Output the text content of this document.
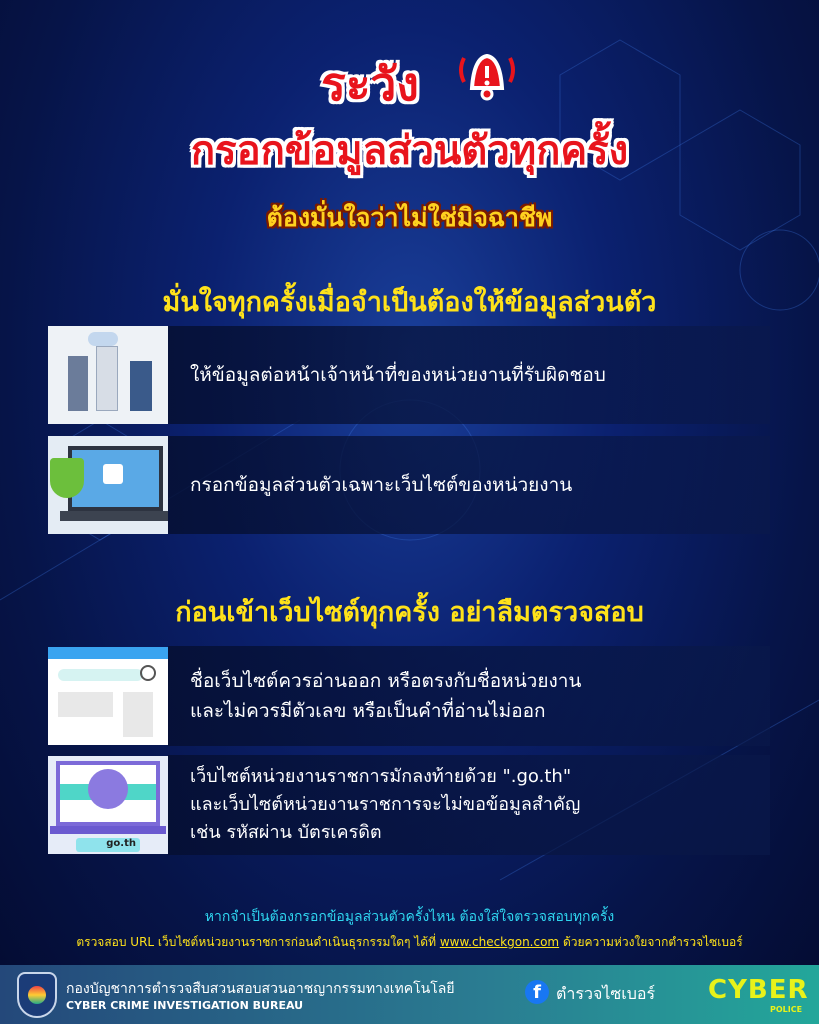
ระวัง
กรอกข้อมูลส่วนตัวทุกครั้ง
ต้องมั่นใจว่าไม่ใช่มิจฉาชีพ
มั่นใจทุกครั้งเมื่อจำเป็นต้องให้ข้อมูลส่วนตัว
ให้ข้อมูลต่อหน้าเจ้าหน้าที่ของหน่วยงานที่รับผิดชอบ
กรอกข้อมูลส่วนตัวเฉพาะเว็บไซต์ของหน่วยงาน
ก่อนเข้าเว็บไซต์ทุกครั้ง อย่าลืมตรวจสอบ
ชื่อเว็บไซต์ควรอ่านออก หรือตรงกับชื่อหน่วยงาน
และไม่ควรมีตัวเลข หรือเป็นคำที่อ่านไม่ออก
go.th
เว็บไซต์หน่วยงานราชการมักลงท้ายด้วย ".go.th"
และเว็บไซต์หน่วยงานราชการจะไม่ขอข้อมูลสำคัญ
เช่น รหัสผ่าน บัตรเครดิต
หากจำเป็นต้องกรอกข้อมูลส่วนตัวครั้งไหน ต้องใส่ใจตรวจสอบทุกครั้ง
ตรวจสอบ URL เว็บไซต์หน่วยงานราชการก่อนดำเนินธุรกรรมใดๆ ได้ที่ www.checkgon.com ด้วยความห่วงใยจากตำรวจไซเบอร์
กองบัญชาการตำรวจสืบสวนสอบสวนอาชญากรรมทางเทคโนโลยี
CYBER CRIME INVESTIGATION BUREAU
f ตำรวจไซเบอร์ CYBER
POLICE
